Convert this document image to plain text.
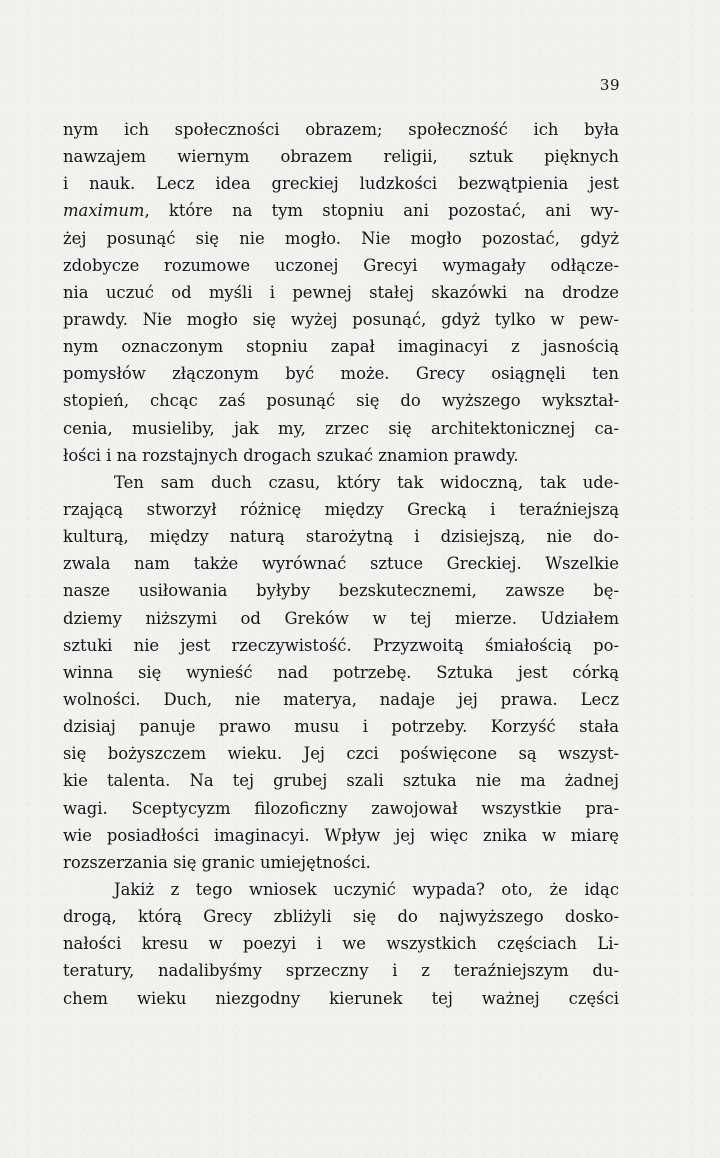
39
nym ich społeczności obrazem; społeczność ich była
nawzajem wiernym obrazem religii, sztuk pięknych
i nauk. Lecz idea greckiej ludzkości bezwątpienia jest
maximum, które na tym stopniu ani pozostać, ani wy-
żej posunąć się nie mogło. Nie mogło pozostać, gdyż
zdobycze rozumowe uczonej Grecyi wymagały odłącze-
nia uczuć od myśli i pewnej stałej skazówki na drodze
prawdy. Nie mogło się wyżej posunąć, gdyż tylko w pew-
nym oznaczonym stopniu zapał imaginacyi z jasnością
pomysłów złączonym być może. Grecy osiągnęli ten
stopień, chcąc zaś posunąć się do wyższego wykształ-
cenia, musieliby, jak my, zrzec się architektonicznej ca-
łości i na rozstajnych drogach szukać znamion prawdy.
Ten sam duch czasu, który tak widoczną, tak ude-
rzającą stworzył różnicę między Grecką i teraźniejszą
kulturą, między naturą starożytną i dzisiejszą, nie do-
zwala nam także wyrównać sztuce Greckiej. Wszelkie
nasze usiłowania byłyby bezskutecznemi, zawsze bę-
dziemy niższymi od Greków w tej mierze. Udziałem
sztuki nie jest rzeczywistość. Przyzwoitą śmiałością po-
winna się wynieść nad potrzebę. Sztuka jest córką
wolności. Duch, nie materya, nadaje jej prawa. Lecz
dzisiaj panuje prawo musu i potrzeby. Korzyść stała
się bożyszczem wieku. Jej czci poświęcone są wszyst-
kie talenta. Na tej grubej szali sztuka nie ma żadnej
wagi. Sceptycyzm filozoficzny zawojował wszystkie pra-
wie posiadłości imaginacyi. Wpływ jej więc znika w miarę
rozszerzania się granic umiejętności.
Jakiż z tego wniosek uczynić wypada? oto, że idąc
drogą, którą Grecy zbliżyli się do najwyższego dosko-
nałości kresu w poezyi i we wszystkich częściach Li-
teratury, nadalibyśmy sprzeczny i z teraźniejszym du-
chem wieku niezgodny kierunek tej ważnej części
